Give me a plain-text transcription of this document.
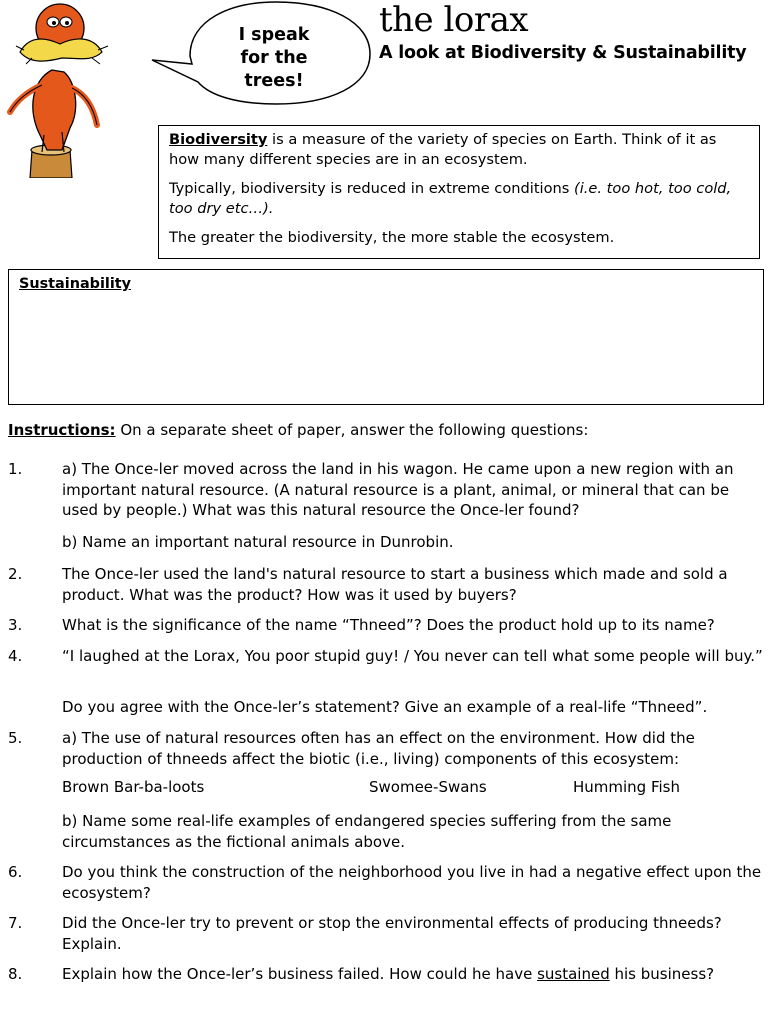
I speak
for the
trees!
the lorax
A look at Biodiversity & Sustainability

Biodiversity is a measure of the variety of species on Earth. Think of it as how many different species are in an ecosystem.

Typically, biodiversity is reduced in extreme conditions (i.e. too hot, too cold, too dry etc…).

The greater the biodiversity, the more stable the ecosystem.

Sustainability
Instructions: On a separate sheet of paper, answer the following questions:
1.	a) The Once-ler moved across the land in his wagon. He came upon a new region with an important natural resource. (A natural resource is a plant, animal, or mineral that can be used by people.) What was this natural resource the Once-ler found?
b) Name an important natural resource in Dunrobin.
2.	The Once-ler used the land's natural resource to start a business which made and sold a product. What was the product? How was it used by buyers?
3.	What is the significance of the name “Thneed”? Does the product hold up to its name?
4.	“I laughed at the Lorax, You poor stupid guy! / You never can tell what some people will buy.”
Do you agree with the Once-ler’s statement? Give an example of a real-life “Thneed”.
5.	a) The use of natural resources often has an effect on the environment. How did the production of thneeds affect the biotic (i.e., living) components of this ecosystem:
Brown Bar-ba-loots	Swomee-Swans	Humming Fish
b) Name some real-life examples of endangered species suffering from the same circumstances as the fictional animals above.
6.	Do you think the construction of the neighborhood you live in had a negative effect upon the ecosystem?
7.	Did the Once-ler try to prevent or stop the environmental effects of producing thneeds? Explain.
8.	Explain how the Once-ler’s business failed. How could he have sustained his business?
